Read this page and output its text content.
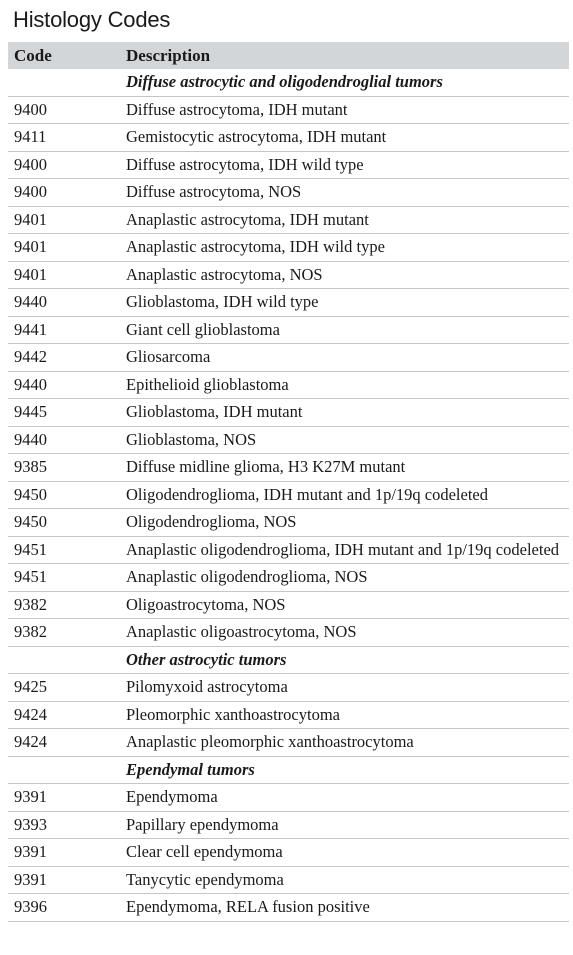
Histology Codes
Code	Description
	Diffuse astrocytic and oligodendroglial tumors
9400	Diffuse astrocytoma, IDH mutant
9411	Gemistocytic astrocytoma, IDH mutant
9400	Diffuse astrocytoma, IDH wild type
9400	Diffuse astrocytoma, NOS
9401	Anaplastic astrocytoma, IDH mutant
9401	Anaplastic astrocytoma, IDH wild type
9401	Anaplastic astrocytoma, NOS
9440	Glioblastoma, IDH wild type
9441	Giant cell glioblastoma
9442	Gliosarcoma
9440	Epithelioid glioblastoma
9445	Glioblastoma, IDH mutant
9440	Glioblastoma, NOS
9385	Diffuse midline glioma, H3 K27M mutant
9450	Oligodendroglioma, IDH mutant and 1p/19q codeleted
9450	Oligodendroglioma, NOS
9451	Anaplastic oligodendroglioma, IDH mutant and 1p/19q codeleted
9451	Anaplastic oligodendroglioma, NOS
9382	Oligoastrocytoma, NOS
9382	Anaplastic oligoastrocytoma, NOS
	Other astrocytic tumors
9425	Pilomyxoid astrocytoma
9424	Pleomorphic xanthoastrocytoma
9424	Anaplastic pleomorphic xanthoastrocytoma
	Ependymal tumors
9391	Ependymoma
9393	Papillary ependymoma
9391	Clear cell ependymoma
9391	Tanycytic ependymoma
9396	Ependymoma, RELA fusion positive
